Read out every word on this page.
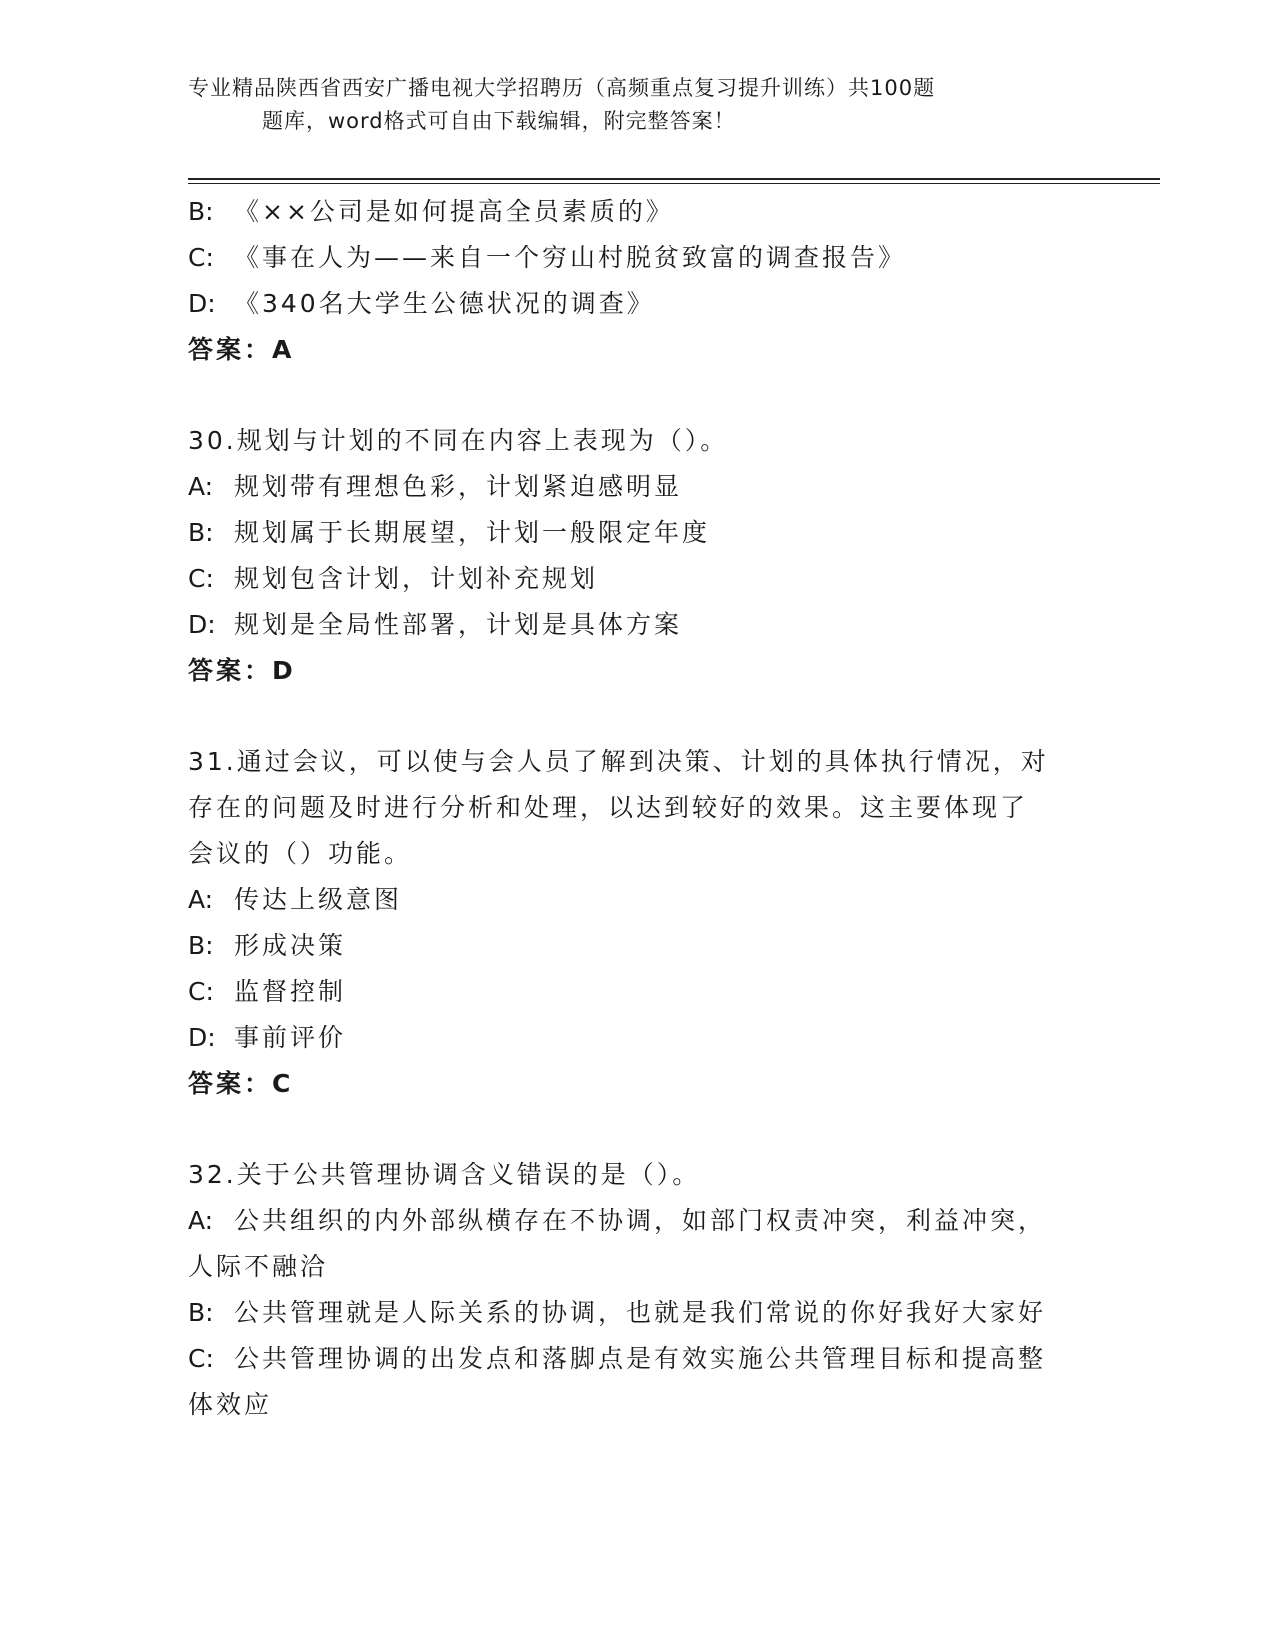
专业精品陕西省西安广播电视大学招聘历（高频重点复习提升训练）共100题
题库，word格式可自由下载编辑，附完整答案！
B: 《××公司是如何提高全员素质的》
C: 《事在人为——来自一个穷山村脱贫致富的调查报告》
D: 《340名大学生公德状况的调查》
答案：A
30.规划与计划的不同在内容上表现为（）。
A: 规划带有理想色彩，计划紧迫感明显
B: 规划属于长期展望，计划一般限定年度
C: 规划包含计划，计划补充规划
D: 规划是全局性部署，计划是具体方案
答案：D
31.通过会议，可以使与会人员了解到决策、计划的具体执行情况，对
存在的问题及时进行分析和处理，以达到较好的效果。这主要体现了
会议的（）功能。
A: 传达上级意图
B: 形成决策
C: 监督控制
D: 事前评价
答案：C
32.关于公共管理协调含义错误的是（）。
A: 公共组织的内外部纵横存在不协调，如部门权责冲突，利益冲突，
人际不融洽
B: 公共管理就是人际关系的协调，也就是我们常说的你好我好大家好
C: 公共管理协调的出发点和落脚点是有效实施公共管理目标和提高整
体效应
